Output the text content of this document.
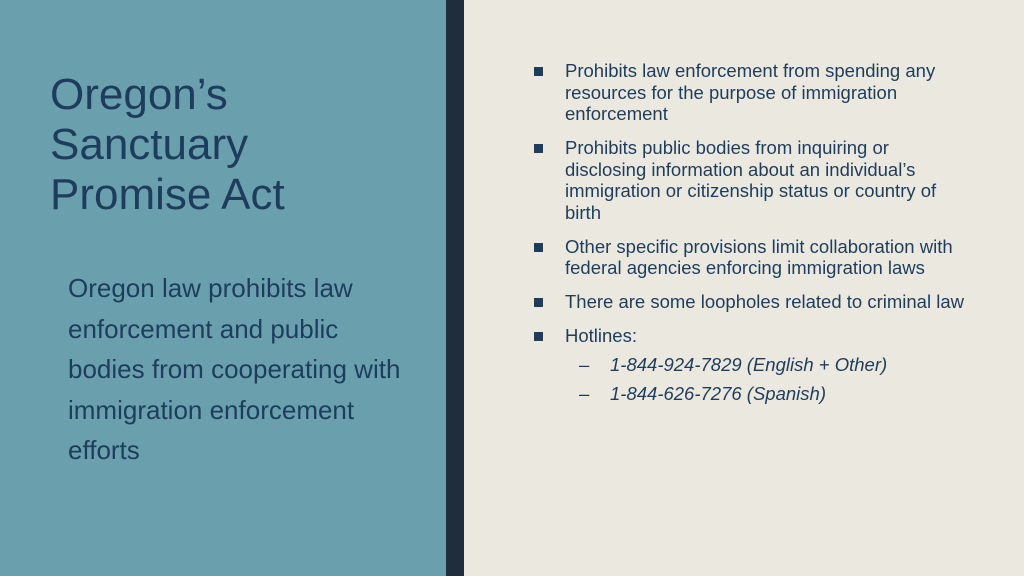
Oregon’s
Sanctuary
Promise Act

Oregon law prohibits law enforcement and public bodies from cooperating with immigration enforcement efforts

Prohibits law enforcement from spending any resources for the purpose of immigration enforcement
Prohibits public bodies from inquiring or disclosing information about an individual’s immigration or citizenship status or country of birth
Other specific provisions limit collaboration with federal agencies enforcing immigration laws
There are some loopholes related to criminal law
Hotlines:
– 1-844-924-7829 (English + Other)
– 1-844-626-7276 (Spanish)
